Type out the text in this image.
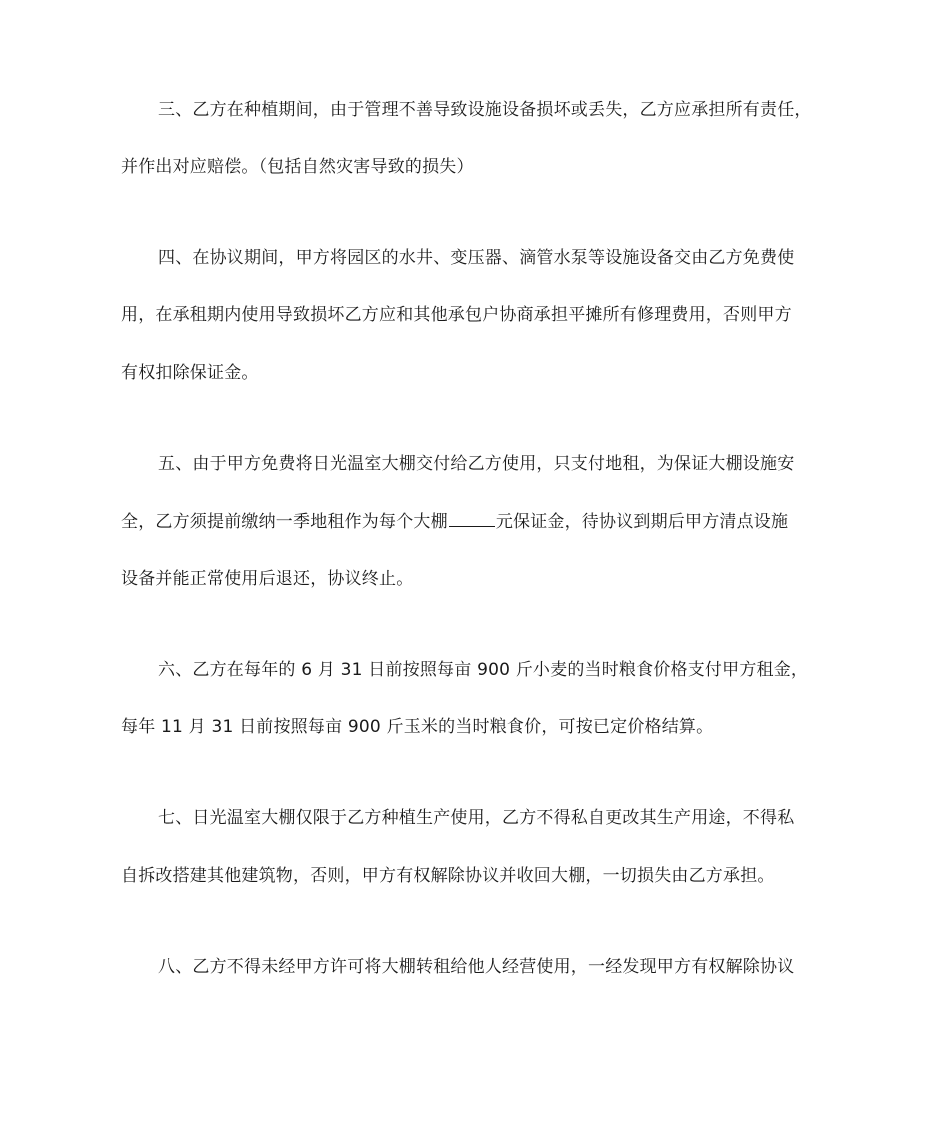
三、乙方在种植期间，由于管理不善导致设施设备损坏或丢失，乙方应承担所有责任，
并作出对应赔偿。（包括自然灾害导致的损失）
四、在协议期间，甲方将园区的水井、变压器、滴管水泵等设施设备交由乙方免费使
用，在承租期内使用导致损坏乙方应和其他承包户协商承担平摊所有修理费用，否则甲方
有权扣除保证金。
五、由于甲方免费将日光温室大棚交付给乙方使用，只支付地租，为保证大棚设施安
全，乙方须提前缴纳一季地租作为每个大棚	元保证金，待协议到期后甲方清点设施
设备并能正常使用后退还，协议终止。
六、乙方在每年的 6 月 31 日前按照每亩 900 斤小麦的当时粮食价格支付甲方租金，
每年 11 月 31 日前按照每亩 900 斤玉米的当时粮食价，可按已定价格结算。
七、日光温室大棚仅限于乙方种植生产使用，乙方不得私自更改其生产用途，不得私
自拆改搭建其他建筑物，否则，甲方有权解除协议并收回大棚，一切损失由乙方承担。
八、乙方不得未经甲方许可将大棚转租给他人经营使用，一经发现甲方有权解除协议
